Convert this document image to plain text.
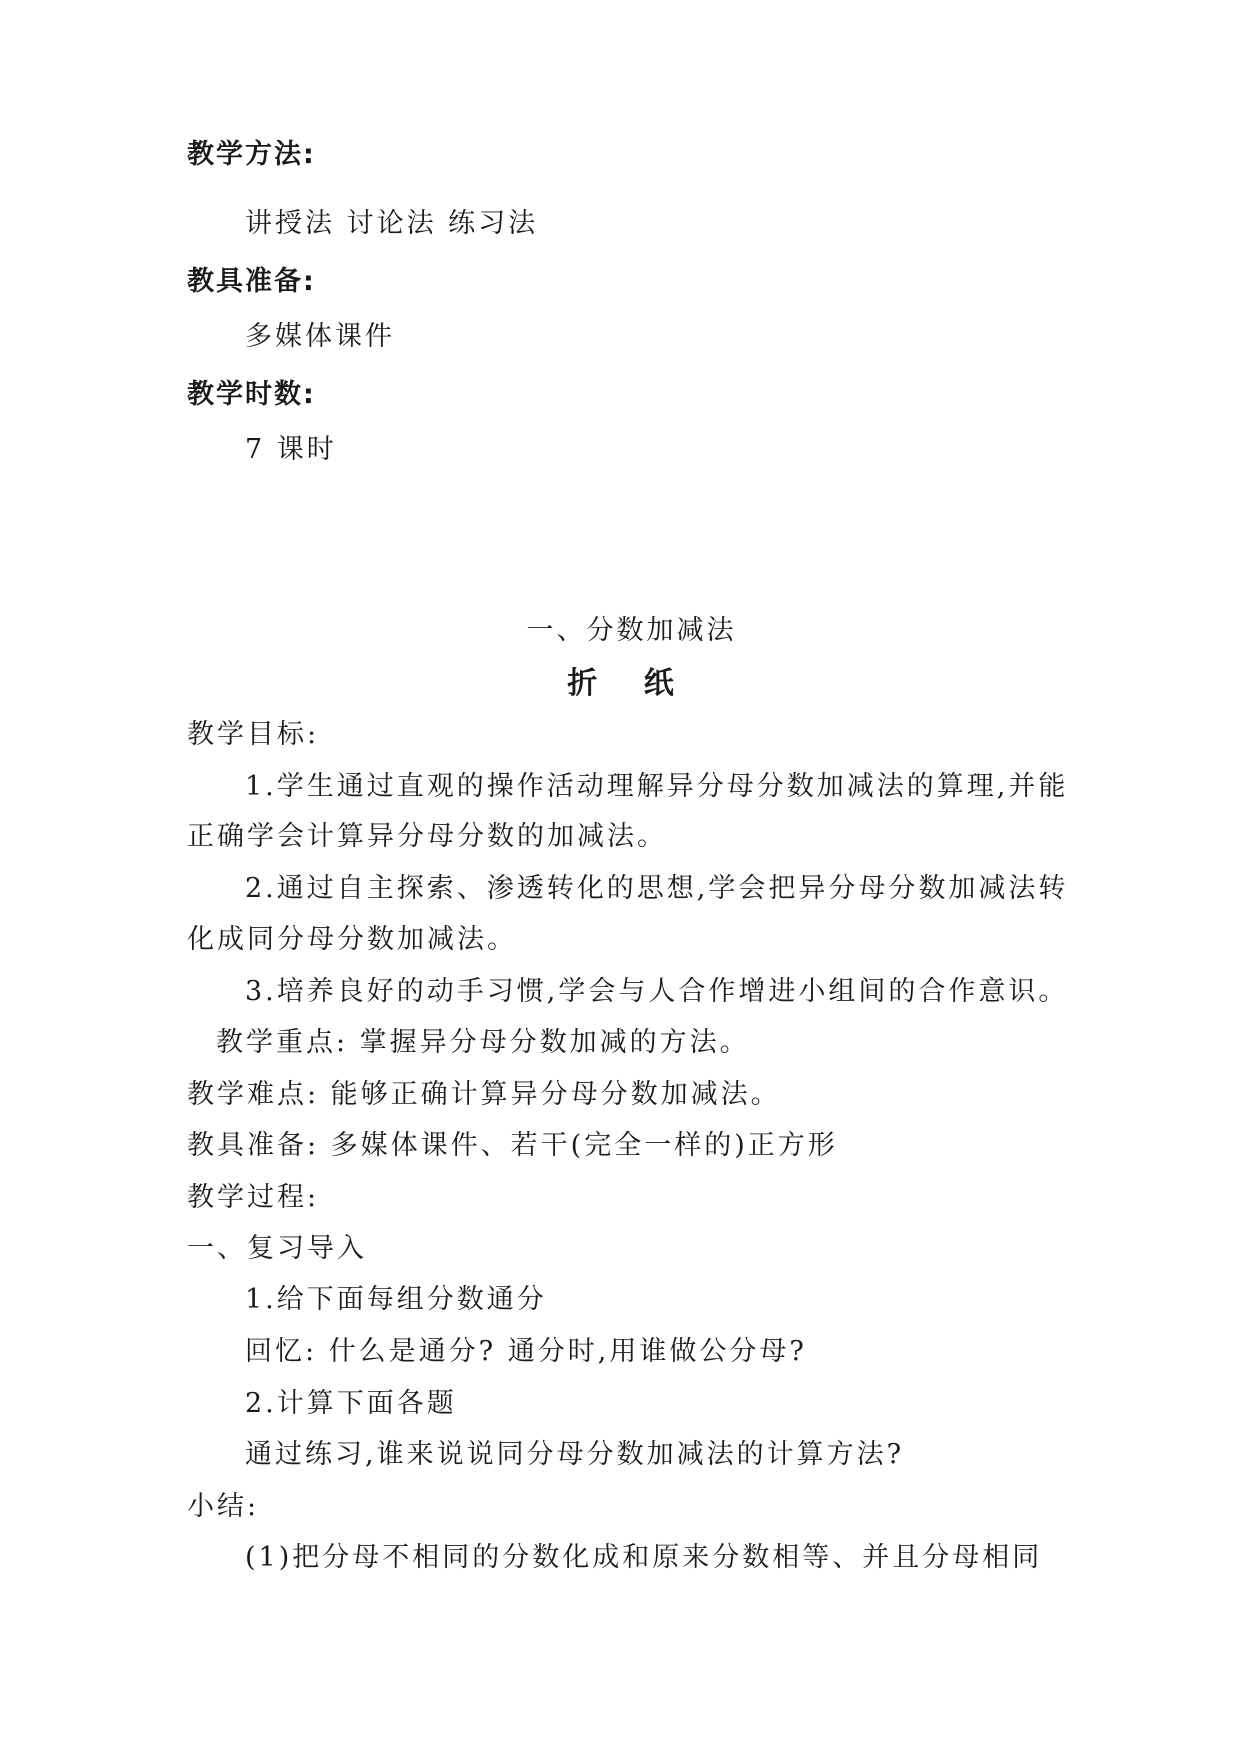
教学方法:
讲授法 讨论法 练习法
教具准备:
多媒体课件
教学时数:
7 课时
一、分数加减法
折 纸
教学目标:
1.学生通过直观的操作活动理解异分母分数加减法的算理,并能
正确学会计算异分母分数的加减法。
2.通过自主探索、渗透转化的思想,学会把异分母分数加减法转
化成同分母分数加减法。
3.培养良好的动手习惯,学会与人合作增进小组间的合作意识。
教学重点: 掌握异分母分数加减的方法。
教学难点: 能够正确计算异分母分数加减法。
教具准备: 多媒体课件、若干(完全一样的)正方形
教学过程:
一、复习导入
1.给下面每组分数通分
回忆: 什么是通分? 通分时,用谁做公分母?
2.计算下面各题
通过练习,谁来说说同分母分数加减法的计算方法?
小结:
(1)把分母不相同的分数化成和原来分数相等、并且分母相同
